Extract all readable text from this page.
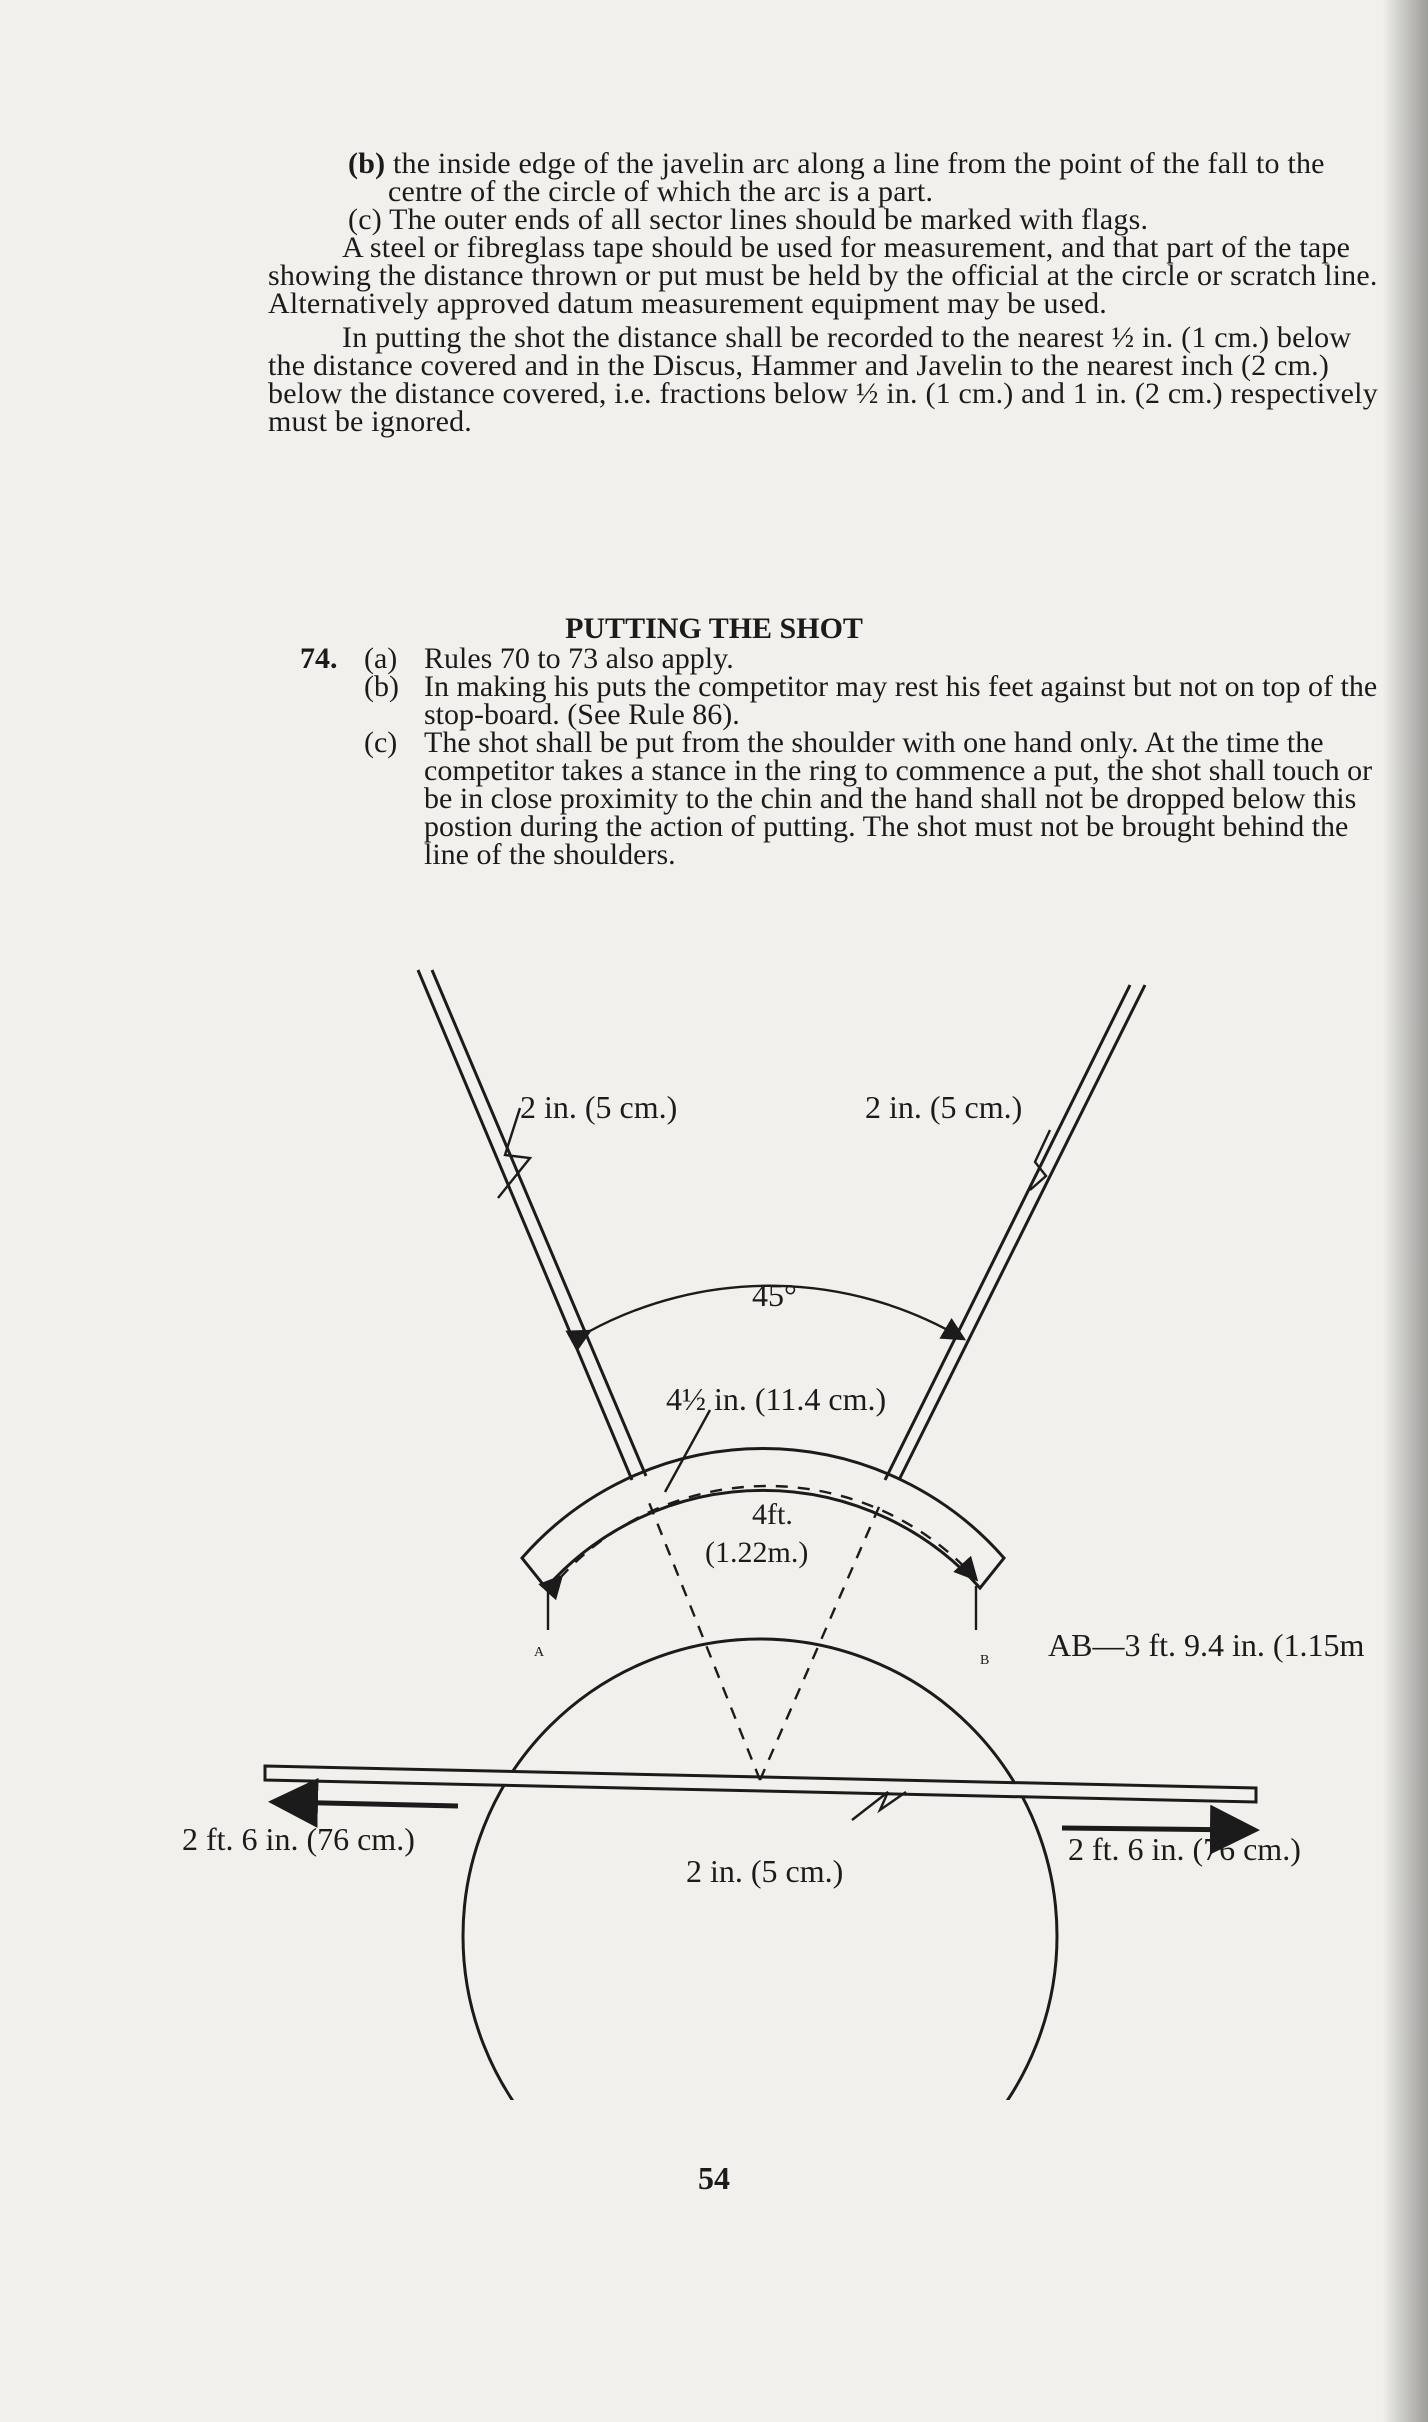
(b) the inside edge of the javelin arc along a line from the point of the fall to the centre of the circle of which the arc is a part.

(c) The outer ends of all sector lines should be marked with flags.

A steel or fibreglass tape should be used for measurement, and that part of the tape showing the distance thrown or put must be held by the official at the circle or scratch line. Alternatively approved datum measurement equipment may be used.

In putting the shot the distance shall be recorded to the nearest ½ in. (1 cm.) below the distance covered and in the Discus, Hammer and Javelin to the nearest inch (2 cm.) below the distance covered, i.e. fractions below ½ in. (1 cm.) and 1 in. (2 cm.) respectively must be ignored.

PUTTING THE SHOT
74. (a) Rules 70 to 73 also apply.
(b) In making his puts the competitor may rest his feet against but not on top of the stop-board. (See Rule 86).
(c) The shot shall be put from the shoulder with one hand only. At the time the competitor takes a stance in the ring to commence a put, the shot shall touch or be in close proximity to the chin and the hand shall not be dropped below this postion during the action of putting. The shot must not be brought behind the line of the shoulders.
2 in. (5 cm.)	2 in. (5 cm.)
45°
4½ in. (11.4 cm.)
4ft.
(1.22m.)
A
B AB—3 ft. 9.4 in. (1.15m
2 ft. 6 in. (76 cm.)	2 ft. 6 in. (76 cm.)
2 in. (5 cm.)
54
